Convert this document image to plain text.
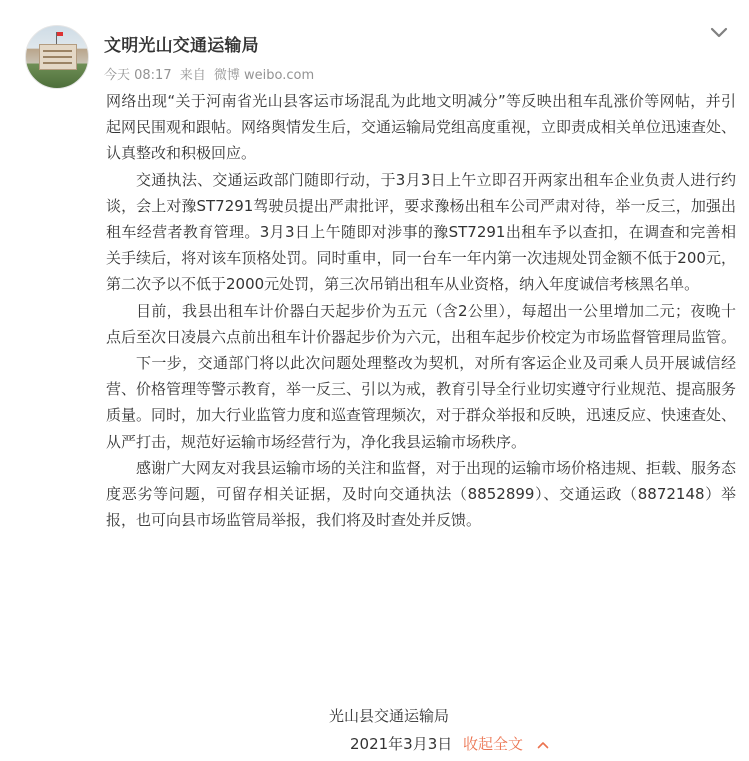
文明光山交通运输局
今天 08:17 来自 微博 weibo.com

网络出现“关于河南省光山县客运市场混乱为此地文明减分”等反映出租车乱涨价等网帖，并引起网民围观和跟帖。网络舆情发生后，交通运输局党组高度重视，立即责成相关单位迅速查处、认真整改和积极回应。

交通执法、交通运政部门随即行动，于3月3日上午立即召开两家出租车企业负责人进行约谈，会上对豫ST7291驾驶员提出严肃批评，要求豫杨出租车公司严肃对待，举一反三，加强出租车经营者教育管理。3月3日上午随即对涉事的豫ST7291出租车予以查扣，在调查和完善相关手续后，将对该车顶格处罚。同时重申，同一台车一年内第一次违规处罚金额不低于200元，第二次予以不低于2000元处罚，第三次吊销出租车从业资格，纳入年度诚信考核黑名单。

目前，我县出租车计价器白天起步价为五元（含2公里），每超出一公里增加二元；夜晚十点后至次日凌晨六点前出租车计价器起步价为六元，出租车起步价校定为市场监督管理局监管。

下一步，交通部门将以此次问题处理整改为契机，对所有客运企业及司乘人员开展诚信经营、价格管理等警示教育，举一反三、引以为戒，教育引导全行业切实遵守行业规范、提高服务质量。同时，加大行业监管力度和巡查管理频次，对于群众举报和反映，迅速反应、快速查处、从严打击，规范好运输市场经营行为，净化我县运输市场秩序。

感谢广大网友对我县运输市场的关注和监督，对于出现的运输市场价格违规、拒载、服务态度恶劣等问题，可留存相关证据，及时向交通执法（8852899）、交通运政（8872148）举报，也可向县市场监管局举报，我们将及时查处并反馈。

光山县交通运输局
2021年3月3日 收起全文
